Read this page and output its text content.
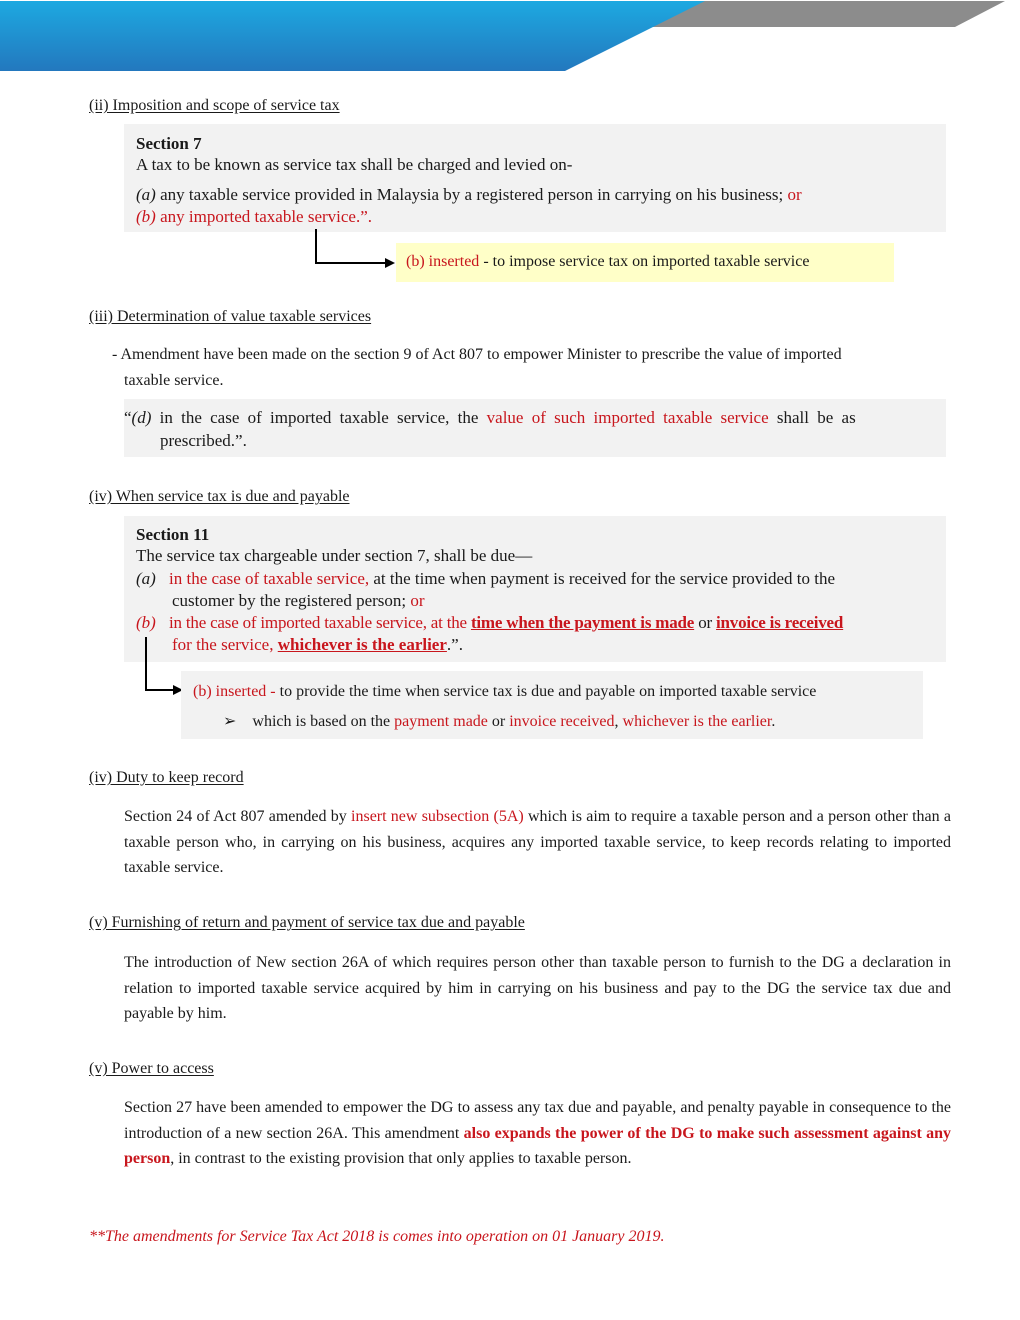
(ii) Imposition and scope of service tax
Section 7
A tax to be known as service tax shall be charged and levied on-
(a) any taxable service provided in Malaysia by a registered person in carrying on his business; or
(b) any imported taxable service.”.
(b) inserted - to impose service tax on imported taxable service
(iii) Determination of value taxable services
- Amendment have been made on the section 9 of Act 807 to empower Minister to prescribe the value of imported
taxable service.
“(d) in the case of imported taxable service, the value of such imported taxable service shall be as
prescribed.”.
(iv) When service tax is due and payable
Section 11
The service tax chargeable under section 7, shall be due—
(a) in the case of taxable service, at the time when payment is received for the service provided to the
customer by the registered person; or
(b) in the case of imported taxable service, at the time when the payment is made or invoice is received
for the service, whichever is the earlier.”.
(b) inserted - to provide the time when service tax is due and payable on imported taxable service
➢ which is based on the payment made or invoice received, whichever is the earlier.
(iv) Duty to keep record
Section 24 of Act 807 amended by insert new subsection (5A) which is aim to require a taxable person and a person other than a taxable person who, in carrying on his business, acquires any imported taxable service, to keep records relating to imported taxable service.
(v) Furnishing of return and payment of service tax due and payable
The introduction of New section 26A of which requires person other than taxable person to furnish to the DG a declaration in relation to imported taxable service acquired by him in carrying on his business and pay to the DG the service tax due and payable by him.
(v) Power to access
Section 27 have been amended to empower the DG to assess any tax due and payable, and penalty payable in consequence to the introduction of a new section 26A. This amendment also expands the power of the DG to make such assessment against any person, in contrast to the existing provision that only applies to taxable person.
**The amendments for Service Tax Act 2018 is comes into operation on 01 January 2019.
